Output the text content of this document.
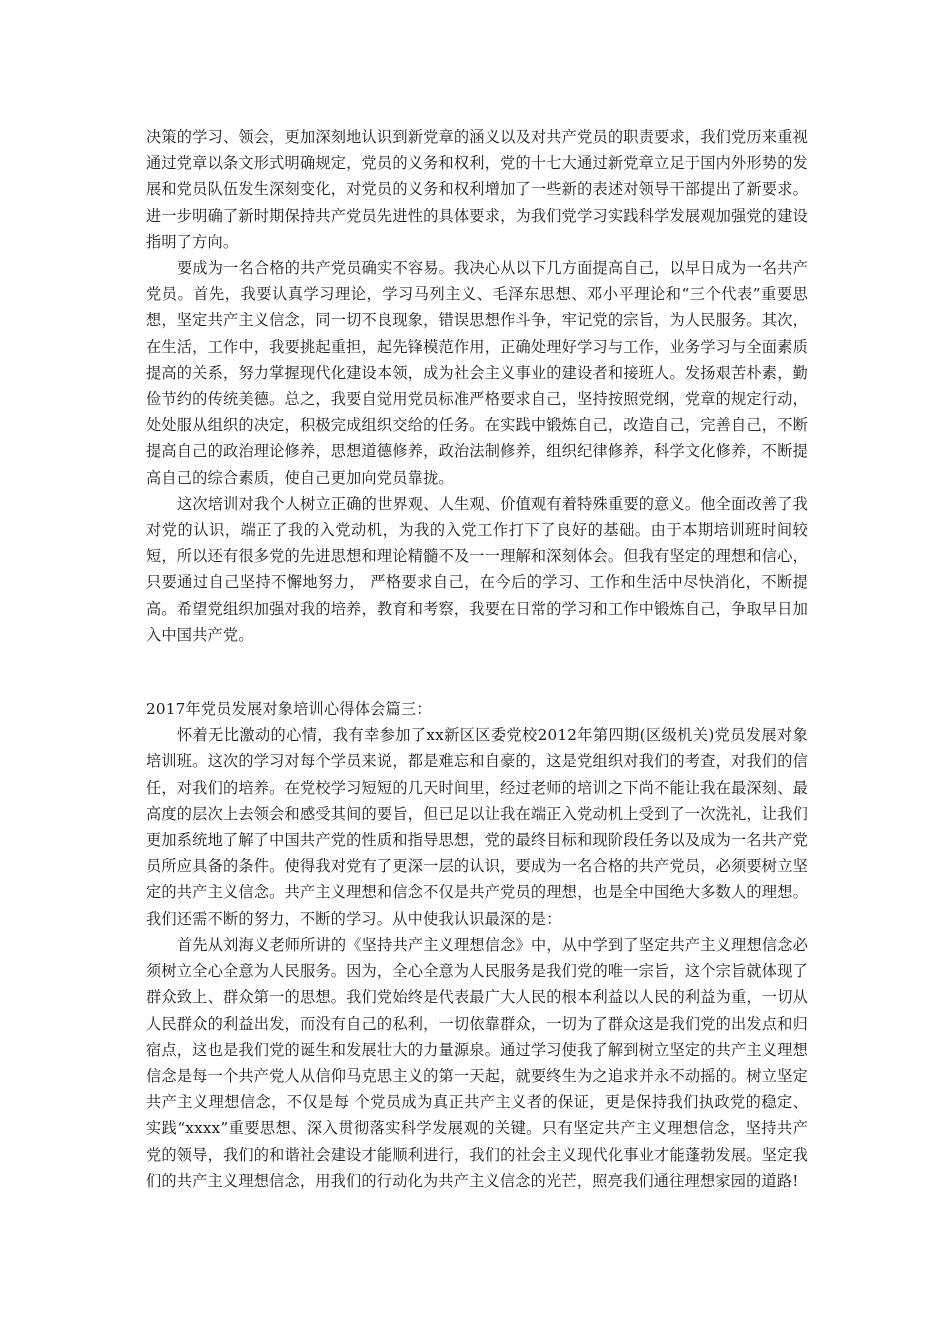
决策的学习、领会，更加深刻地认识到新党章的涵义以及对共产党员的职责要求，我们党历来重视通过党章以条文形式明确规定，党员的义务和权利，党的十七大通过新党章立足于国内外形势的发展和党员队伍发生深刻变化，对党员的义务和权利增加了一些新的表述对领导干部提出了新要求。进一步明确了新时期保持共产党员先进性的具体要求，为我们党学习实践科学发展观加强党的建设指明了方向。

要成为一名合格的共产党员确实不容易。我决心从以下几方面提高自己，以早日成为一名共产党员。首先，我要认真学习理论，学习马列主义、毛泽东思想、邓小平理论和“三个代表”重要思想，坚定共产主义信念，同一切不良现象，错误思想作斗争，牢记党的宗旨，为人民服务。其次，在生活，工作中，我要挑起重担，起先锋模范作用，正确处理好学习与工作，业务学习与全面素质提高的关系，努力掌握现代化建设本领，成为社会主义事业的建设者和接班人。发扬艰苦朴素，勤俭节约的传统美德。总之，我要自觉用党员标准严格要求自己，坚持按照党纲，党章的规定行动，处处服从组织的决定，积极完成组织交给的任务。在实践中锻炼自己，改造自己，完善自己，不断提高自己的政治理论修养，思想道德修养，政治法制修养，组织纪律修养，科学文化修养，不断提高自己的综合素质，使自己更加向党员靠拢。

这次培训对我个人树立正确的世界观、人生观、价值观有着特殊重要的意义。他全面改善了我对党的认识，端正了我的入党动机，为我的入党工作打下了良好的基础。由于本期培训班时间较短，所以还有很多党的先进思想和理论精髓不及一一理解和深刻体会。但我有坚定的理想和信心，只要通过自己坚持不懈地努力， 严格要求自己，在今后的学习、工作和生活中尽快消化，不断提高。希望党组织加强对我的培养，教育和考察，我要在日常的学习和工作中锻炼自己，争取早日加入中国共产党。

2017年党员发展对象培训心得体会篇三：

怀着无比激动的心情，我有幸参加了xx新区区委党校2012年第四期(区级机关)党员发展对象培训班。这次的学习对每个学员来说，都是难忘和自豪的，这是党组织对我们的考查，对我们的信任，对我们的培养。在党校学习短短的几天时间里，经过老师的培训之下尚不能让我在最深刻、最高度的层次上去领会和感受其间的要旨，但已足以让我在端正入党动机上受到了一次洗礼，让我们更加系统地了解了中国共产党的性质和指导思想，党的最终目标和现阶段任务以及成为一名共产党员所应具备的条件。使得我对党有了更深一层的认识，要成为一名合格的共产党员，必须要树立坚定的共产主义信念。共产主义理想和信念不仅是共产党员的理想，也是全中国绝大多数人的理想。我们还需不断的努力，不断的学习。从中使我认识最深的是：

首先从刘海义老师所讲的《坚持共产主义理想信念》中，从中学到了坚定共产主义理想信念必须树立全心全意为人民服务。因为，全心全意为人民服务是我们党的唯一宗旨，这个宗旨就体现了群众致上、群众第一的思想。我们党始终是代表最广大人民的根本利益以人民的利益为重，一切从人民群众的利益出发，而没有自己的私利，一切依靠群众，一切为了群众这是我们党的出发点和归宿点，这也是我们党的诞生和发展壮大的力量源泉。通过学习使我了解到树立坚定的共产主义理想信念是每一个共产党人从信仰马克思主义的第一天起，就要终生为之追求并永不动摇的。树立坚定共产主义理想信念，不仅是每 个党员成为真正共产主义者的保证，更是保持我们执政党的稳定、实践“xxxx”重要思想、深入贯彻落实科学发展观的关键。只有坚定共产主义理想信念，坚持共产党的领导，我们的和谐社会建设才能顺利进行，我们的社会主义现代化事业才能蓬勃发展。坚定我们的共产主义理想信念，用我们的行动化为共产主义信念的光芒，照亮我们通往理想家园的道路!
